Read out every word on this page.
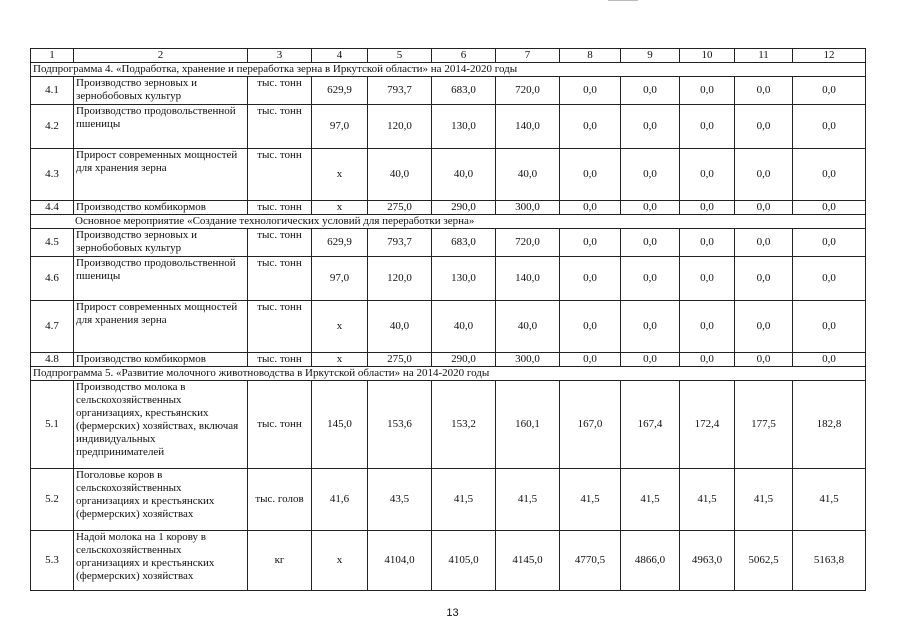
1	2	3	4	5	6	7	8	9	10	11	12
Подпрограмма 4. «Подработка, хранение и переработка зерна в Иркутской области» на 2014-2020 годы											
4.1	Производство зерновых и зернобобовых культур	тыс. тонн	629,9	793,7	683,0	720,0	0,0	0,0	0,0	0,0	0,0
4.2	Производство продовольственной пшеницы	тыс. тонн	97,0	120,0	130,0	140,0	0,0	0,0	0,0	0,0	0,0
4.3	Прирост современных мощностей для хранения зерна	тыс. тонн	х	40,0	40,0	40,0	0,0	0,0	0,0	0,0	0,0
4.4	Производство комбикормов	тыс. тонн	х	275,0	290,0	300,0	0,0	0,0	0,0	0,0	0,0
Основное мероприятие «Создание технологических условий для переработки зерна»											
4.5	Производство зерновых и зернобобовых культур	тыс. тонн	629,9	793,7	683,0	720,0	0,0	0,0	0,0	0,0	0,0
4.6	Производство продовольственной пшеницы	тыс. тонн	97,0	120,0	130,0	140,0	0,0	0,0	0,0	0,0	0,0
4.7	Прирост современных мощностей для хранения зерна	тыс. тонн	х	40,0	40,0	40,0	0,0	0,0	0,0	0,0	0,0
4.8	Производство комбикормов	тыс. тонн	х	275,0	290,0	300,0	0,0	0,0	0,0	0,0	0,0
Подпрограмма 5. «Развитие молочного животноводства в Иркутской области» на 2014-2020 годы											
5.1	Производство молока в сельскохозяйственных организациях, крестьянских (фермерских) хозяйствах, включая индивидуальных предпринимателей	тыс. тонн	145,0	153,6	153,2	160,1	167,0	167,4	172,4	177,5	182,8
5.2	Поголовье коров в сельскохозяйственных организациях и крестьянских (фермерских) хозяйствах	тыс. голов	41,6	43,5	41,5	41,5	41,5	41,5	41,5	41,5	41,5
5.3	Надой молока на 1 корову в сельскохозяйственных организациях и крестьянских (фермерских) хозяйствах	кг	х	4104,0	4105,0	4145,0	4770,5	4866,0	4963,0	5062,5	5163,8
13
